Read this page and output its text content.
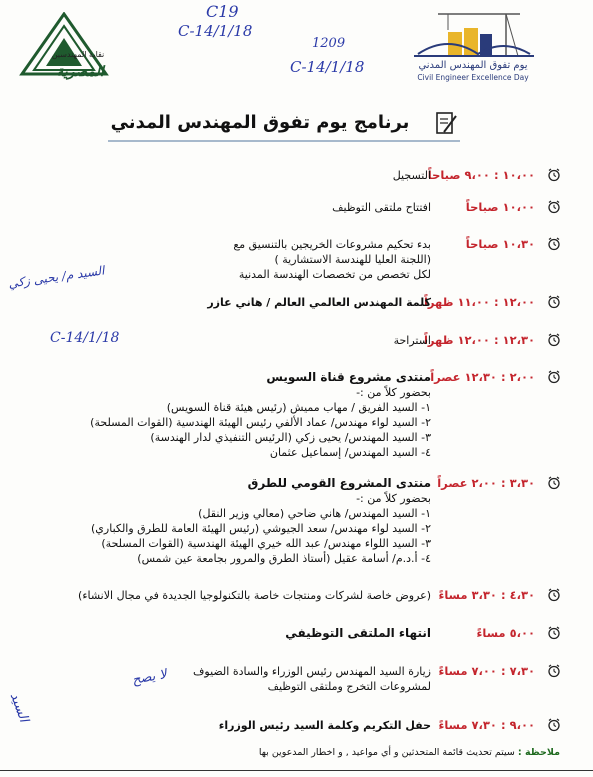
يوم تفوق المهندس المدني
Civil Engineer Excellence Day
نقابة المهندسين
المصرية
C19
C-14/1/18
1209
C-14/1/18
السيد م/ يحيى زكي
C-14/1/18
لا يصح
السيد
برنامج يوم تفوق المهندس المدني
١٠،٠٠ : ٩،٠٠ صباحاً
التسجيل
١٠،٠٠ صباحاً
افتتاح ملتقى التوظيف
١٠،٣٠ صباحاً
بدء تحكيم مشروعات الخريجين بالتنسيق مع
(اللجنة العليا للهندسة الاستشارية )
لكل تخصص من تخصصات الهندسة المدنية
١٢،٠٠ : ١١،٠٠ ظهراً
كلمة المهندس العالمي العالم / هاني عازر
١٢،٣٠ : ١٢،٠٠ ظهراً
استراحة
٢،٠٠ : ١٢،٣٠ عصراً
منتدى مشروع قناة السويس
بحضور كلاً من :-
١- السيد الفريق / مهاب مميش (رئيس هيئة قناة السويس)
٢- السيد لواء مهندس/ عماد الألفي رئيس الهيئة الهندسية (القوات المسلحة)
٣- السيد المهندس/ يحيى زكي (الرئيس التنفيذي لدار الهندسة)
٤- السيد المهندس/ إسماعيل عثمان
٣،٣٠ : ٢،٠٠ عصراً
منتدى المشروع القومي للطرق
بحضور كلاً من :-
١- السيد المهندس/ هاني ضاحي (معالي وزير النقل)
٢- السيد لواء مهندس/ سعد الجيوشي (رئيس الهيئة العامة للطرق والكباري)
٣- السيد اللواء مهندس/ عبد الله خيري الهيئة الهندسية (القوات المسلحة)
٤- أ.د.م/ أسامة عقيل (أستاذ الطرق والمرور بجامعة عين شمس)
٤،٣٠ : ٣،٣٠ مساءً
(عروض خاصة لشركات ومنتجات خاصة بالتكنولوجيا الجديدة في مجال الانشاء)
٥،٠٠ مساءً
انتهاء الملتقى التوظيفي
٧،٣٠ : ٧،٠٠ مساءً
زيارة السيد المهندس رئيس الوزراء والسادة الضيوف
لمشروعات التخرج وملتقى التوظيف
٩،٠٠ : ٧،٣٠ مساءً
حفل التكريم وكلمة السيد رئيس الوزراء
ملاحظة : سيتم تحديث قائمة المتحدثين و أي مواعيد , و اخطار المدعوين بها
